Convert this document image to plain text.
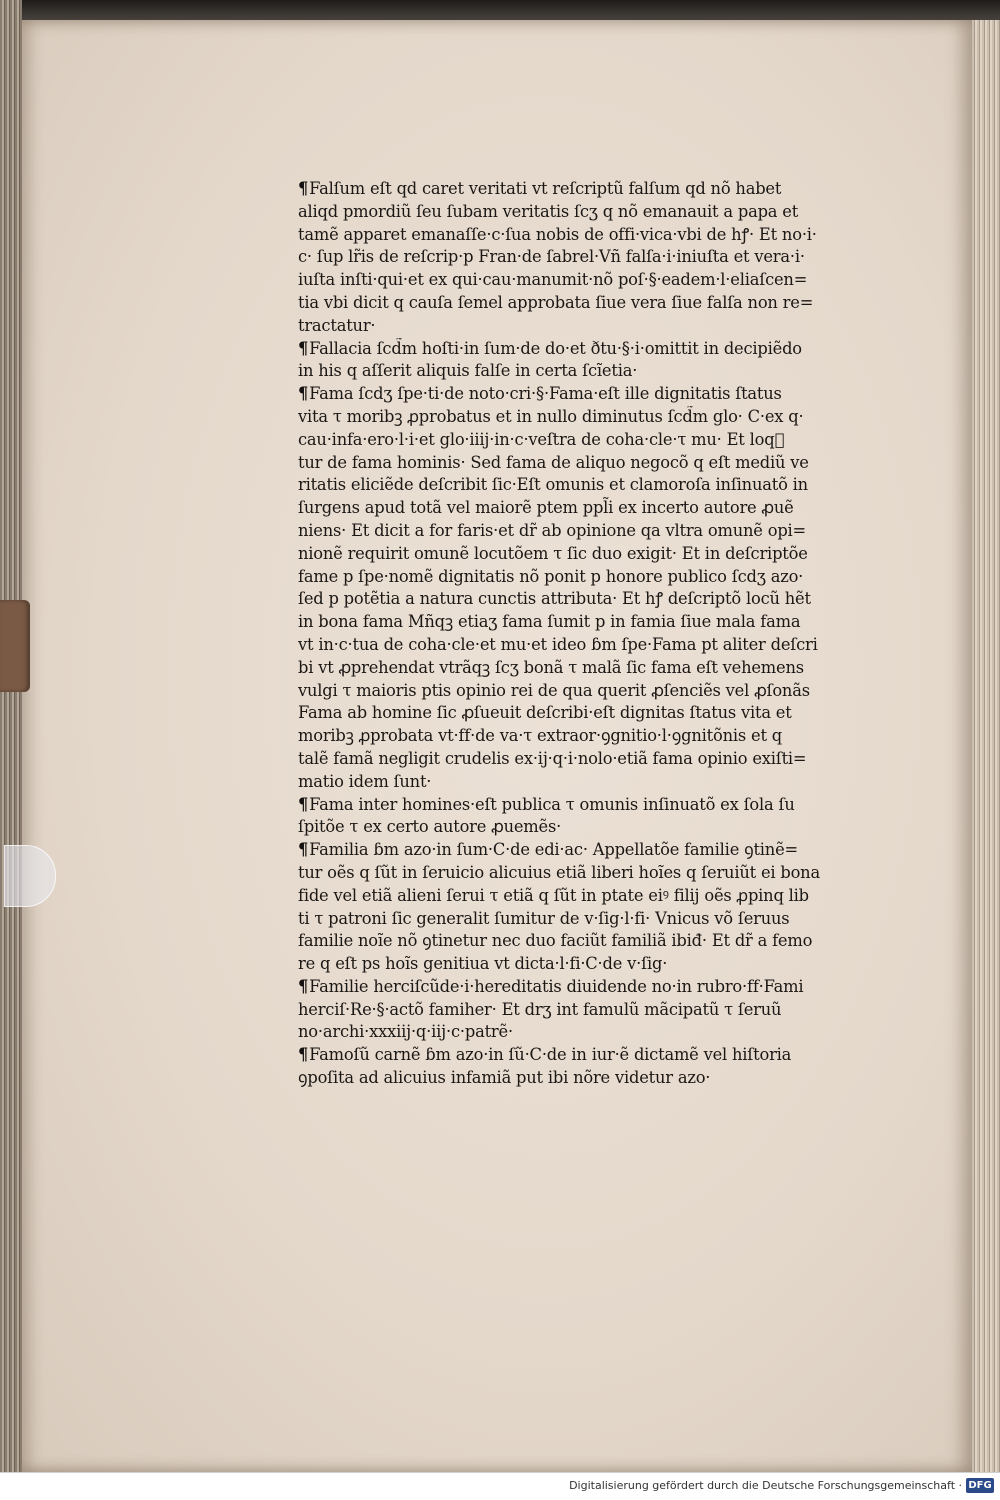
¶Falſum eſt qd caret veritati vt reſcriptũ falſum qd nõ habet
aliqd pmordiũ ſeu ſubam veritatis ſcʒ q nõ emanauit a papa et
tamẽ apparet emanaſſe·c·ſua nobis de offi·vica·vbi de hꝭ· Et no·i·
c· ſup lr̃is de reſcrip·p Fran·de ſabrel·Vñ falſa·i·iniuſta et vera·i·
iuſta inſti·qui·et ex qui·cau·manumit·nõ poſ·§·eadem·l·eliaſcen=
tia vbi dicit q cauſa ſemel approbata ſiue vera ſiue falſa non re=
tractatur·
¶Fallacia ſcd̃m hoſti·in ſum·de do·et ðtu·§·i·omittit in decipiẽdo
in his q aſſerit aliquis falſe in certa ſcĩetia·
¶Fama ſcdʒ ſpe·ti·de noto·cri·§·Fama·eſt ille dignitatis ſtatus
vita τ moribꝫ ꝓprobatus et in nullo diminutus ſcd̃m glo· C·ex q·
cau·infa·ero·l·i·et glo·iiij·in·c·veſtra de coha·cle·τ mu· Et loqᷓ
tur de fama hominis· Sed fama de aliquo negocõ q eſt mediũ ve
ritatis eliciẽde deſcribit ſic·Eſt omunis et clamoroſa inſinuatõ in
ſurgens apud totã vel maiorẽ ptem ppl̃i ex incerto autore ꝓuẽ
niens· Et dicit a for faris·et dr̃ ab opinione qa vltra omunẽ opi=
nionẽ requirit omunẽ locutõem τ ſic duo exigit· Et in deſcriptõe
fame p ſpe·nomẽ dignitatis nõ ponit p honore publico ſcdʒ azo·
ſed p potẽtia a natura cunctis attributa· Et hꝭ deſcriptõ locũ hẽt
in bona fama Mñqꝫ etiaʒ fama ſumit p in famia ſiue mala fama
vt in·c·tua de coha·cle·et mu·et ideo ɓm ſpe·Fama pt aliter deſcri
bi vt ꝓprehendat vtrãqꝫ ſcʒ bonã τ malã ſic fama eſt vehemens
vulgi τ maioris ptis opinio rei de qua querit ꝓſenciẽs vel ꝓſonãs
Fama ab homine ſic ꝓſueuit deſcribi·eſt dignitas ſtatus vita et
moribꝫ ꝓprobata vt·ff·de va·τ extraor·ꝯgnitio·l·ꝯgnitõnis et q
talẽ famã negligit crudelis ex·ij·q·i·nolo·etiã fama opinio exiſti=
matio idem ſunt·
¶Fama inter homines·eſt publica τ omunis inſinuatõ ex ſola ſu
ſpitõe τ ex certo autore ꝓuemẽs·
¶Familia ɓm azo·in ſum·C·de edi·ac· Appellatõe familie ꝯtinẽ=
tur oẽs q ſũt in ſeruicio alicuius etiã liberi hoĩes q ſeruiũt ei bona
fide vel etiã alieni ſerui τ etiã q ſũt in ptate eiꝰ filij oẽs ꝓpinq lib
ti τ patroni ſic generalit ſumitur de v·ſig·l·fi· Vnicus võ ſeruus
familie noĩe nõ ꝯtinetur nec duo faciũt familiã ibiđ· Et dr̃ a femo
re q eſt ps hoĩs genitiua vt dicta·l·fi·C·de v·ſig·
¶Familie herciſcũde·i·hereditatis diuidende no·in rubro·ff·Fami
herciſ·Re·§·actõ famiher· Et drʒ int famulũ mãcipatũ τ ſeruũ
no·archi·xxxiij·q·iij·c·patrẽ·
¶Famoſũ carnẽ ɓm azo·in ſũ·C·de in iur·ẽ dictamẽ vel hiſtoria
ꝯpoſita ad alicuius infamiã put ibi nõre videtur azo·
Digitalisierung gefördert durch die Deutsche Forschungsgemeinschaft · DFG
